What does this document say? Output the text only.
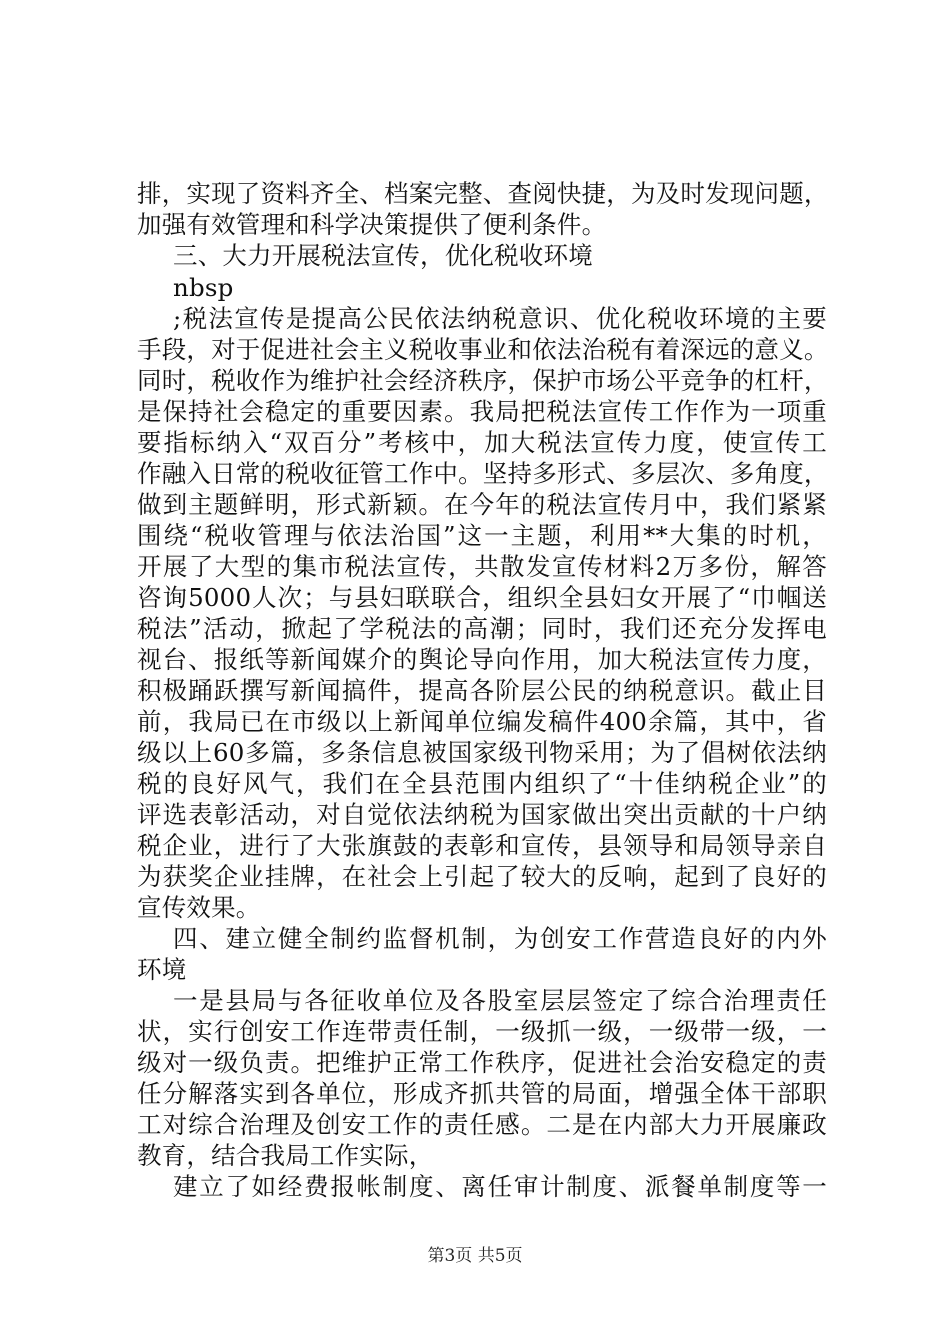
排，实现了资料齐全、档案完整、查阅快捷，为及时发现问题，
加强有效管理和科学决策提供了便利条件。
三、大力开展税法宣传，优化税收环境
nbsp
;税法宣传是提高公民依法纳税意识、优化税收环境的主要
手段，对于促进社会主义税收事业和依法治税有着深远的意义。
同时，税收作为维护社会经济秩序，保护市场公平竞争的杠杆，
是保持社会稳定的重要因素。我局把税法宣传工作作为一项重
要指标纳入“双百分”考核中，加大税法宣传力度，使宣传工
作融入日常的税收征管工作中。坚持多形式、多层次、多角度，
做到主题鲜明，形式新颖。在今年的税法宣传月中，我们紧紧
围绕“税收管理与依法治国”这一主题，利用**大集的时机，
开展了大型的集市税法宣传，共散发宣传材料2万多份，解答
咨询5000人次；与县妇联联合，组织全县妇女开展了“巾帼送
税法”活动，掀起了学税法的高潮；同时，我们还充分发挥电
视台、报纸等新闻媒介的舆论导向作用，加大税法宣传力度，
积极踊跃撰写新闻搞件，提高各阶层公民的纳税意识。截止目
前，我局已在市级以上新闻单位编发稿件400余篇，其中，省
级以上60多篇，多条信息被国家级刊物采用；为了倡树依法纳
税的良好风气，我们在全县范围内组织了“十佳纳税企业”的
评选表彰活动，对自觉依法纳税为国家做出突出贡献的十户纳
税企业，进行了大张旗鼓的表彰和宣传，县领导和局领导亲自
为获奖企业挂牌，在社会上引起了较大的反响，起到了良好的
宣传效果。
四、建立健全制约监督机制，为创安工作营造良好的内外
环境
一是县局与各征收单位及各股室层层签定了综合治理责任
状，实行创安工作连带责任制，一级抓一级，一级带一级，一
级对一级负责。把维护正常工作秩序，促进社会治安稳定的责
任分解落实到各单位，形成齐抓共管的局面，增强全体干部职
工对综合治理及创安工作的责任感。二是在内部大力开展廉政
教育，结合我局工作实际，
建立了如经费报帐制度、离任审计制度、派餐单制度等一
第3页 共5页
